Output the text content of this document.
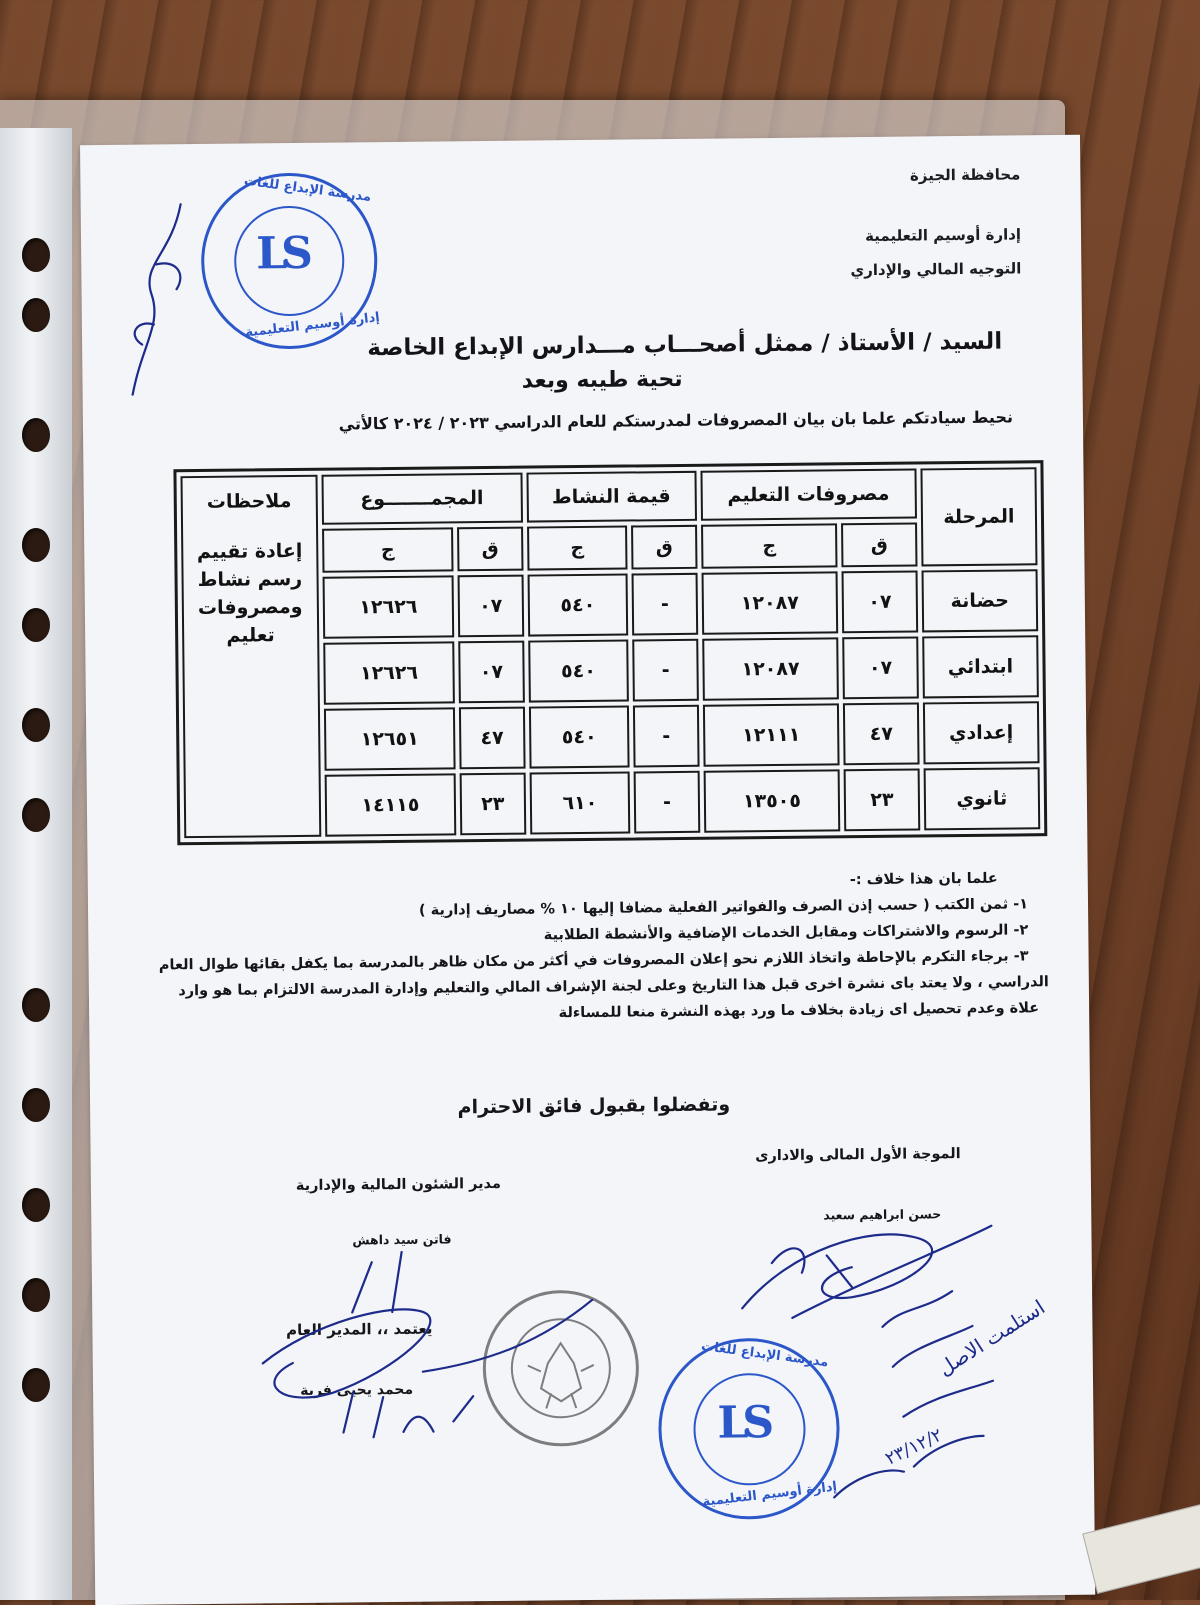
محافظة الجيزة
إدارة أوسيم التعليمية
التوجيه المالي والإداري
السيد / الأستاذ / ممثل أصحـــاب مـــدارس الإبداع الخاصة
تحية طيبه وبعد
نحيط سيادتكم علما بان بيان المصروفات لمدرستكم للعام الدراسي ٢٠٢٣ / ٢٠٢٤ كالأتي
المرحلة	مصروفات التعليم		قيمة النشاط		المجمـــــــوع		ملاحظات
إعادة تقييم رسم نشاط ومصروفات تعليم

	ق	ج	ق	ج	ق	ج	
حضانة	٠٧	١٢٠٨٧	-	٥٤٠	٠٧	١٢٦٢٦	
ابتدائي	٠٧	١٢٠٨٧	-	٥٤٠	٠٧	١٢٦٢٦	
إعدادي	٤٧	١٢١١١	-	٥٤٠	٤٧	١٢٦٥١	
ثانوي	٢٣	١٣٥٠٥	-	٦١٠	٢٣	١٤١١٥	
علما بان هذا خلاف :-
١- ثمن الكتب ( حسب إذن الصرف والفواتير الفعلية مضافا إليها ١٠ % مصاريف إدارية )
٢- الرسوم والاشتراكات ومقابل الخدمات الإضافية والأنشطة الطلابية
٣- برجاء التكرم بالإحاطة واتخاذ اللازم نحو إعلان المصروفات في أكثر من مكان ظاهر بالمدرسة بما يكفل بقائها طوال العام
الدراسي ، ولا يعتد باى نشرة اخرى قبل هذا التاريخ وعلى لجنة الإشراف المالي والتعليم وإدارة المدرسة الالتزام بما هو وارد
علاة وعدم تحصيل اى زيادة بخلاف ما ورد بهذه النشرة منعا للمساءلة
وتفضلوا بقبول فائق الاحترام
الموجة الأول المالى والادارى
حسن ابراهيم سعيد
مدير الشئون المالية والإدارية
فاتن سيد داهش
يعتمد ،، المدير العام
محمد يحيى فرية
مدرسة الإبداع للغات
إدارة أوسيم التعليمية
LS
مدرسة الإبداع للغات
إدارة أوسيم التعليمية
LS
استلمت الاصل
٢٣/١٢/٢
